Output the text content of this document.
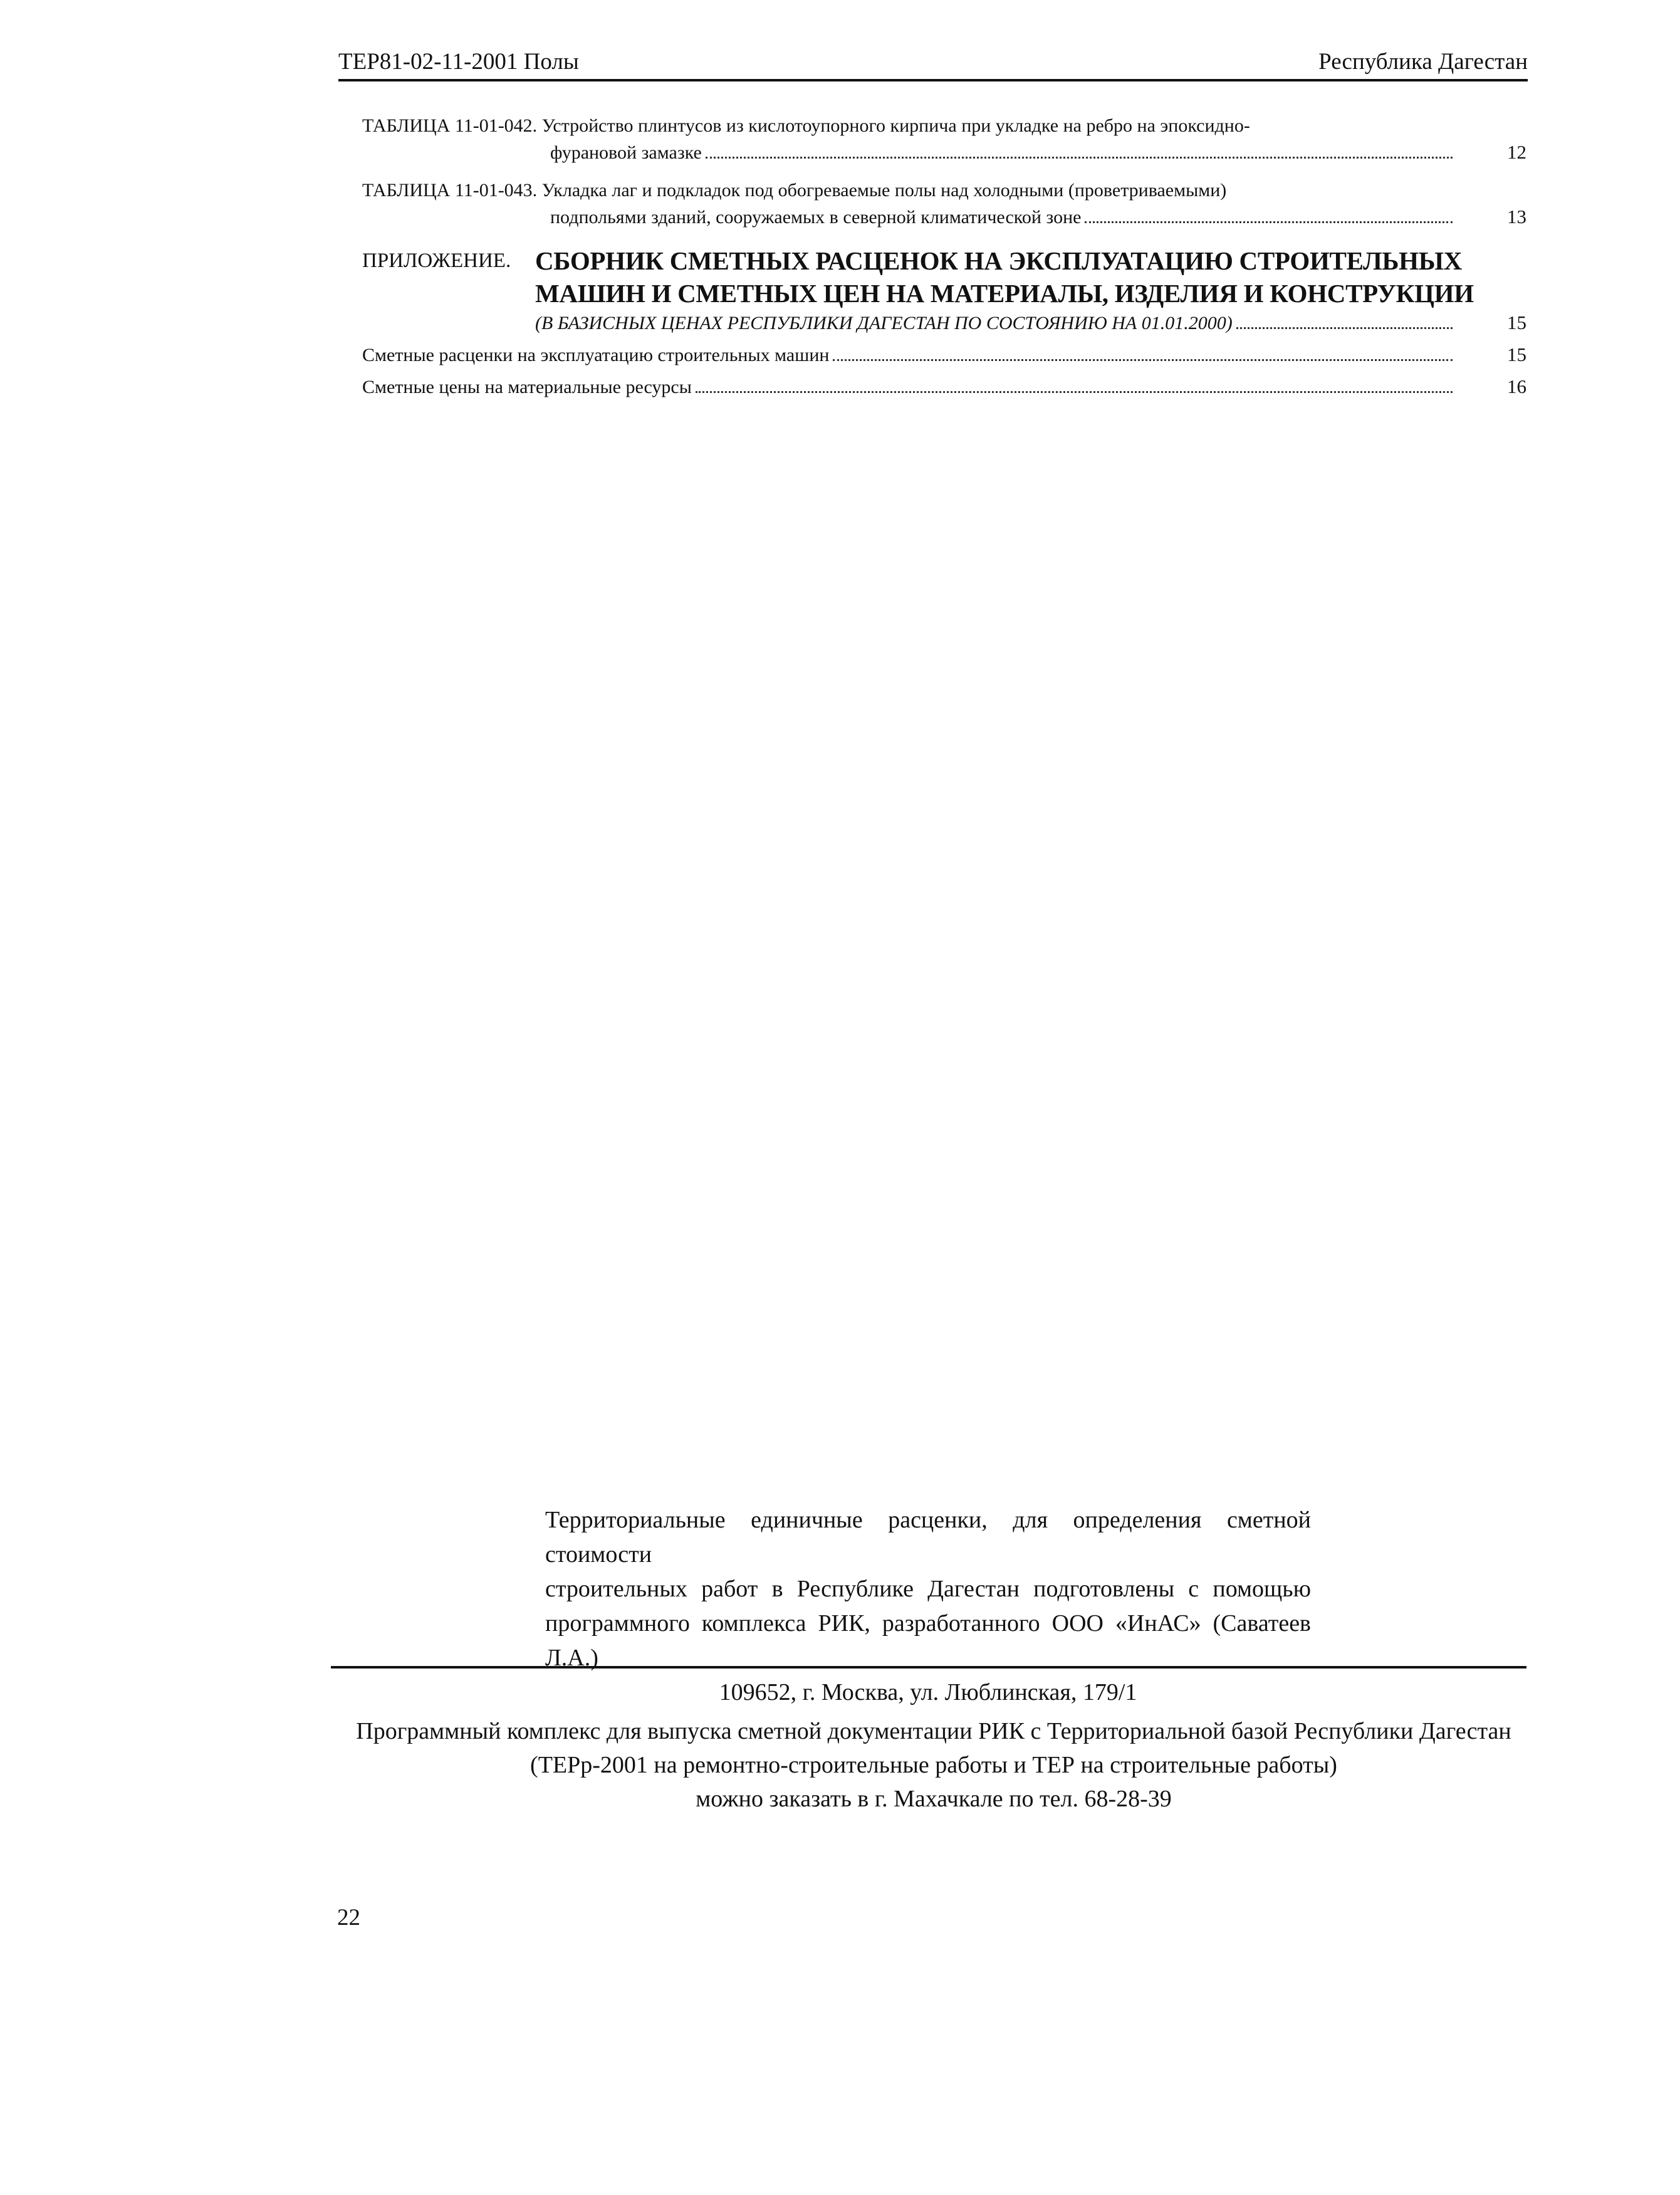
ТЕР81-02-11-2001 Полы	Республика Дагестан
ТАБЛИЦА 11-01-042. Устройство плинтусов из кислотоупорного кирпича при укладке на ребро на эпоксидно-
фурановой замазке	12
ТАБЛИЦА 11-01-043. Укладка лаг и подкладок под обогреваемые полы над холодными (проветриваемыми)
подпольями зданий, сооружаемых в северной климатической зоне	13
ПРИЛОЖЕНИЕ. СБОРНИК СМЕТНЫХ РАСЦЕНОК НА ЭКСПЛУАТАЦИЮ СТРОИТЕЛЬНЫХ
МАШИН И СМЕТНЫХ ЦЕН НА МАТЕРИАЛЫ, ИЗДЕЛИЯ И КОНСТРУКЦИИ
(В БАЗИСНЫХ ЦЕНАХ РЕСПУБЛИКИ ДАГЕСТАН ПО СОСТОЯНИЮ НА 01.01.2000)	15
Сметные расценки на эксплуатацию строительных машин	15
Сметные цены на материальные ресурсы	16
Территориальные единичные расценки, для определения сметной стоимости
строительных работ в Республике Дагестан подготовлены с помощью
программного комплекса РИК, разработанного ООО «ИнАС» (Саватеев Л.А.)
109652, г. Москва, ул. Люблинская, 179/1
Программный комплекс для выпуска сметной документации РИК с Территориальной базой Республики Дагестан
(ТЕРр-2001 на ремонтно-строительные работы и ТЕР на строительные работы)
можно заказать в г. Махачкале по тел. 68-28-39
22
